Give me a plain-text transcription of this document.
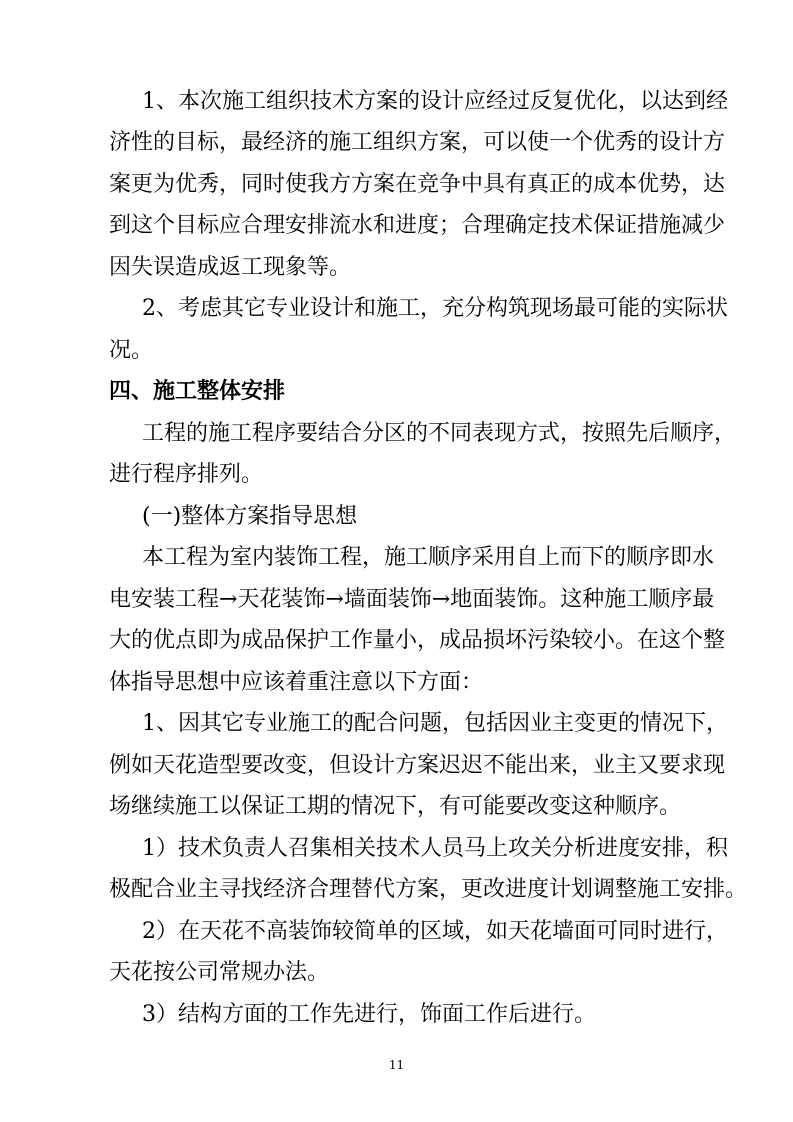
1、本次施工组织技术方案的设计应经过反复优化，以达到经
济性的目标，最经济的施工组织方案，可以使一个优秀的设计方
案更为优秀，同时使我方方案在竞争中具有真正的成本优势，达
到这个目标应合理安排流水和进度；合理确定技术保证措施减少
因失误造成返工现象等。
2、考虑其它专业设计和施工，充分构筑现场最可能的实际状
况。
四、施工整体安排
工程的施工程序要结合分区的不同表现方式，按照先后顺序，
进行程序排列。
(一)整体方案指导思想
本工程为室内装饰工程，施工顺序采用自上而下的顺序即水
电安装工程→天花装饰→墙面装饰→地面装饰。这种施工顺序最
大的优点即为成品保护工作量小，成品损坏污染较小。在这个整
体指导思想中应该着重注意以下方面：
1、因其它专业施工的配合问题，包括因业主变更的情况下，
例如天花造型要改变，但设计方案迟迟不能出来，业主又要求现
场继续施工以保证工期的情况下，有可能要改变这种顺序。
1）技术负责人召集相关技术人员马上攻关分析进度安排，积
极配合业主寻找经济合理替代方案，更改进度计划调整施工安排。
2）在天花不高装饰较简单的区域，如天花墙面可同时进行，
天花按公司常规办法。
3）结构方面的工作先进行，饰面工作后进行。
11
